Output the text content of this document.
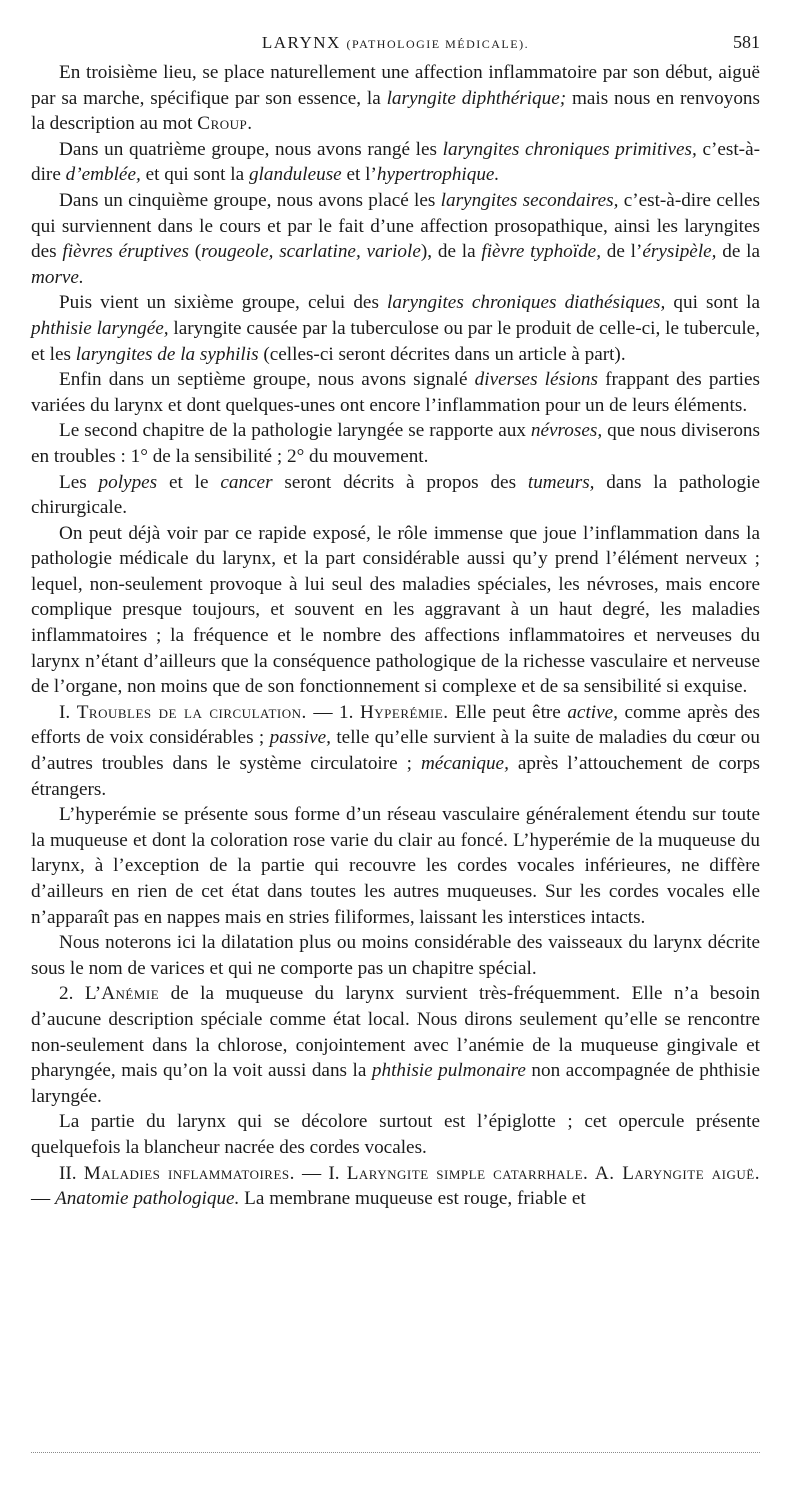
LARYNX (PATHOLOGIE MÉDICALE).	581

En troisième lieu, se place naturellement une affection inflammatoire par son début, aiguë par sa marche, spécifique par son essence, la laryngite diphthérique; mais nous en renvoyons la description au mot Croup.

Dans un quatrième groupe, nous avons rangé les laryngites chroniques primitives, c’est-à-dire d’emblée, et qui sont la glanduleuse et l’hypertrophique.

Dans un cinquième groupe, nous avons placé les laryngites secondaires, c’est-à-dire celles qui surviennent dans le cours et par le fait d’une affection prosopathique, ainsi les laryngites des fièvres éruptives (rougeole, scarlatine, variole), de la fièvre typhoïde, de l’érysipèle, de la morve.

Puis vient un sixième groupe, celui des laryngites chroniques diathésiques, qui sont la phthisie laryngée, laryngite causée par la tuberculose ou par le produit de celle-ci, le tubercule, et les laryngites de la syphilis (celles-ci seront décrites dans un article à part).

Enfin dans un septième groupe, nous avons signalé diverses lésions frappant des parties variées du larynx et dont quelques-unes ont encore l’inflammation pour un de leurs éléments.

Le second chapitre de la pathologie laryngée se rapporte aux névroses, que nous diviserons en troubles : 1° de la sensibilité ; 2° du mouvement.

Les polypes et le cancer seront décrits à propos des tumeurs, dans la pathologie chirurgicale.

On peut déjà voir par ce rapide exposé, le rôle immense que joue l’inflammation dans la pathologie médicale du larynx, et la part considérable aussi qu’y prend l’élément nerveux ; lequel, non-seulement provoque à lui seul des maladies spéciales, les névroses, mais encore complique presque toujours, et souvent en les aggravant à un haut degré, les maladies inflammatoires ; la fréquence et le nombre des affections inflammatoires et nerveuses du larynx n’étant d’ailleurs que la conséquence pathologique de la richesse vasculaire et nerveuse de l’organe, non moins que de son fonctionnement si complexe et de sa sensibilité si exquise.

I. Troubles de la circulation. — 1. Hyperémie. Elle peut être active, comme après des efforts de voix considérables ; passive, telle qu’elle survient à la suite de maladies du cœur ou d’autres troubles dans le système circulatoire ; mécanique, après l’attouchement de corps étrangers.

L’hyperémie se présente sous forme d’un réseau vasculaire généralement étendu sur toute la muqueuse et dont la coloration rose varie du clair au foncé. L’hyperémie de la muqueuse du larynx, à l’exception de la partie qui recouvre les cordes vocales inférieures, ne diffère d’ailleurs en rien de cet état dans toutes les autres muqueuses. Sur les cordes vocales elle n’apparaît pas en nappes mais en stries filiformes, laissant les interstices intacts.

Nous noterons ici la dilatation plus ou moins considérable des vaisseaux du larynx décrite sous le nom de varices et qui ne comporte pas un chapitre spécial.

2. L’Anémie de la muqueuse du larynx survient très-fréquemment. Elle n’a besoin d’aucune description spéciale comme état local. Nous dirons seulement qu’elle se rencontre non-seulement dans la chlorose, conjointement avec l’anémie de la muqueuse gingivale et pharyngée, mais qu’on la voit aussi dans la phthisie pulmonaire non accompagnée de phthisie laryngée.

La partie du larynx qui se décolore surtout est l’épiglotte ; cet opercule présente quelquefois la blancheur nacrée des cordes vocales.

II. Maladies inflammatoires. — I. Laryngite simple catarrhale. A. Laryngite aiguë. — Anatomie pathologique. La membrane muqueuse est rouge, friable et
